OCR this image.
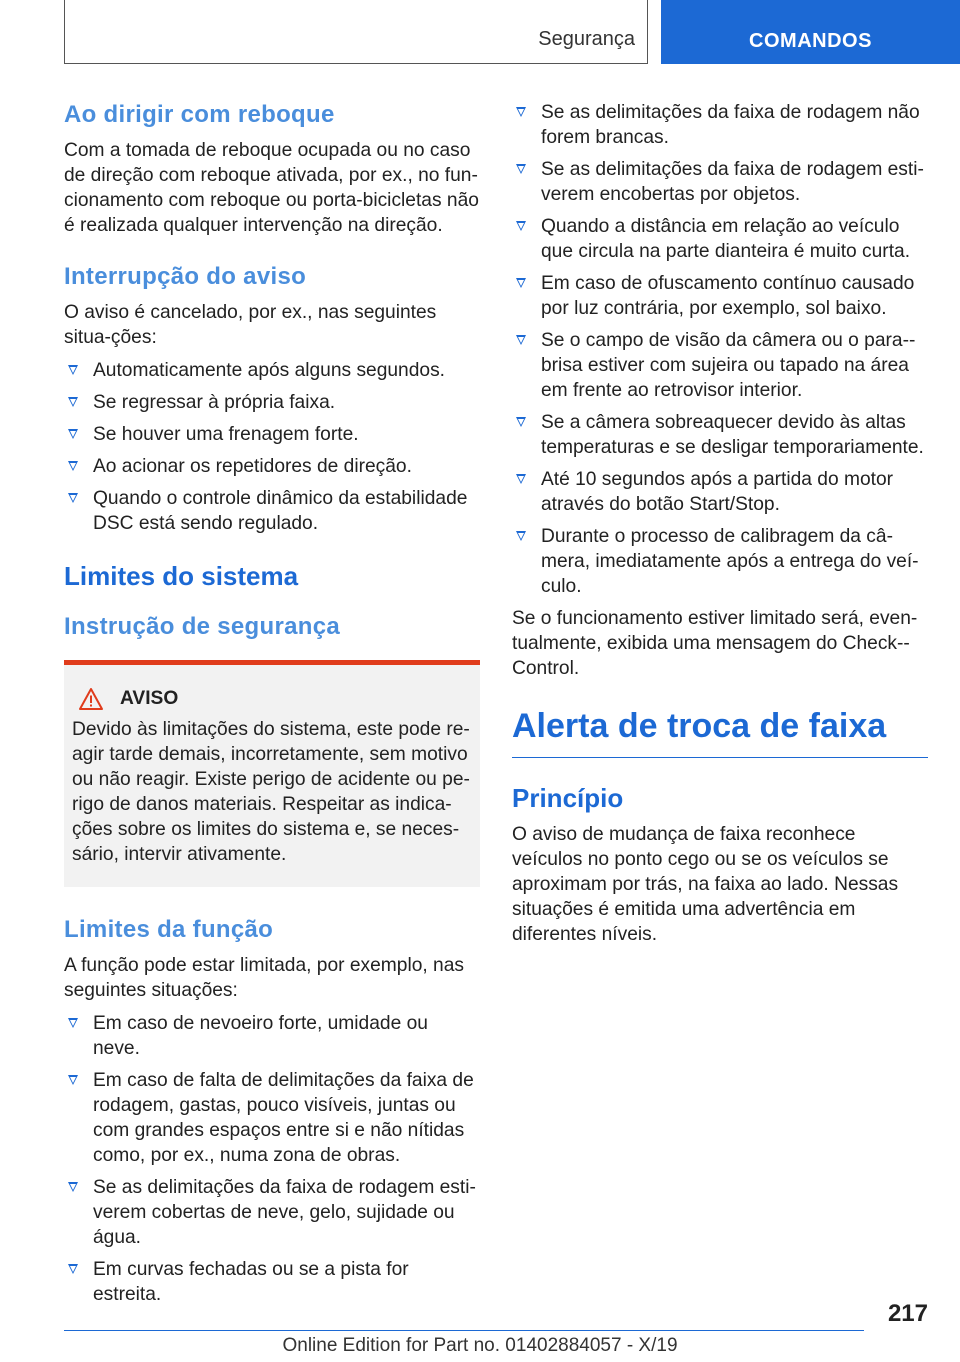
Segurança	COMANDOS
Ao dirigir com reboque

Com a tomada de reboque ocupada ou no caso de direção com reboque ativada, por ex., no fun-cionamento com reboque ou porta-bicicletas não é realizada qualquer intervenção na direção.

Interrupção do aviso

O aviso é cancelado, por ex., nas seguintes situa-ções:

Automaticamente após alguns segundos.
Se regressar à própria faixa.
Se houver uma frenagem forte.
Ao acionar os repetidores de direção.
Quando o controle dinâmico da estabilidade DSC está sendo regulado.
Limites do sistema
Instrução de segurança
AVISO

Devido às limitações do sistema, este pode re-agir tarde demais, incorretamente, sem motivo ou não reagir. Existe perigo de acidente ou pe-rigo de danos materiais. Respeitar as indica-ções sobre os limites do sistema e, se neces-sário, intervir ativamente.

Limites da função

A função pode estar limitada, por exemplo, nas seguintes situações:

Em caso de nevoeiro forte, umidade ou neve.
Em caso de falta de delimitações da faixa de rodagem, gastas, pouco visíveis, juntas ou com grandes espaços entre si e não nítidas como, por ex., numa zona de obras.
Se as delimitações da faixa de rodagem esti-verem cobertas de neve, gelo, sujidade ou água.
Em curvas fechadas ou se a pista for estreita.
Se as delimitações da faixa de rodagem não forem brancas.
Se as delimitações da faixa de rodagem esti-verem encobertas por objetos.
Quando a distância em relação ao veículo que circula na parte dianteira é muito curta.
Em caso de ofuscamento contínuo causado por luz contrária, por exemplo, sol baixo.
Se o campo de visão da câmera ou o para--brisa estiver com sujeira ou tapado na área em frente ao retrovisor interior.
Se a câmera sobreaquecer devido às altas temperaturas e se desligar temporariamente.
Até 10 segundos após a partida do motor através do botão Start/Stop.
Durante o processo de calibragem da câ-mera, imediatamente após a entrega do veí-culo.

Se o funcionamento estiver limitado será, even-tualmente, exibida uma mensagem do Check--Control.

Alerta de troca de faixa
Princípio

O aviso de mudança de faixa reconhece veículos no ponto cego ou se os veículos se aproximam por trás, na faixa ao lado. Nessas situações é emitida uma advertência em diferentes níveis.

217
Online Edition for Part no. 01402884057 - X/19
